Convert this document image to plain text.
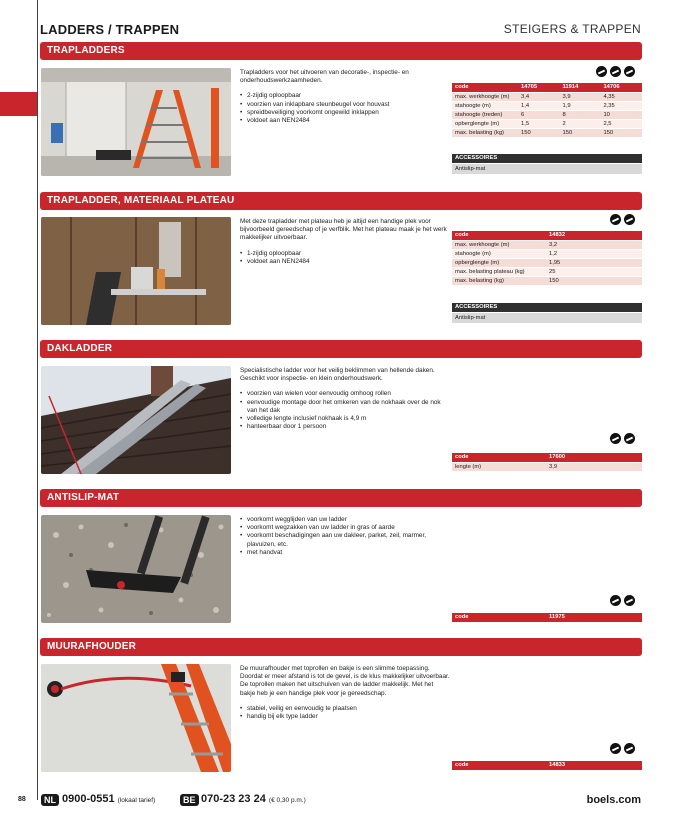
LADDERS / TRAPPEN	STEIGERS & TRAPPEN
TRAPLADDERS

Trapladders voor het uitvoeren van decoratie-, inspectie- en onderhoudswerkzaamheden.

• 2-zijdig oploopbaar
• voorzien van inklapbare steunbeugel voor houvast
• spreidbeveiliging voorkomt ongewild inklappen
• voldoet aan NEN2484
code	14705	11914	14706
max. werkhoogte (m)	3,4	3,9	4,35
stahoogte (m)	1,4	1,9	2,35
stahoogte (treden)	6	8	10
opberglengte (m)	1,5	2	2,5
max. belasting (kg)	150	150	150
ACCESSOIRES
Antislip-mat
TRAPLADDER, MATERIAAL PLATEAU

Met deze trapladder met plateau heb je altijd een handige plek voor bijvoorbeeld gereedschap of je verfblik. Met het plateau maak je het werk makkelijker uitvoerbaar.

• 1-zijdig oploopbaar
• voldoet aan NEN2484
code	14832
max. werkhoogte (m)	3,2
stahoogte (m)	1,2
opberglengte (m)	1,95
max. belasting plateau (kg)	25
max. belasting (kg)	150
ACCESSOIRES
Antislip-mat
DAKLADDER

Specialistische ladder voor het veilig beklimmen van hellende daken. Geschikt voor inspectie- en klein onderhoudswerk.

• voorzien van wielen voor eenvoudig omhoog rollen
• eenvoudige montage door het omkeren van de nokhaak over de nok van het dak
• volledige lengte inclusief nokhaak is 4,9 m
• hanteerbaar door 1 persoon
code	17600
lengte (m)	3,9
ANTISLIP-MAT
• voorkomt wegglijden van uw ladder
• voorkomt wegzakken van uw ladder in gras of aarde
• voorkomt beschadigingen aan uw dakleer, parket, zeil, marmer, plavuizen, etc.
• met handvat
code	11975
MUURAFHOUDER

De muurafhouder met toprollen en bakje is een slimme toepassing. Doordat er meer afstand is tot de gevel, is de klus makkelijker uitvoerbaar. De toprollen maken het uitschuiven van de ladder makkelijk. Met het bakje heb je een handige plek voor je gereedschap.

• stabiel, veilig en eenvoudig te plaatsen
• handig bij elk type ladder
code	14833
88	NL 0900-0551 (lokaal tarief)	BE 070-23 23 24 (€ 0,30 p.m.)	boels.com
